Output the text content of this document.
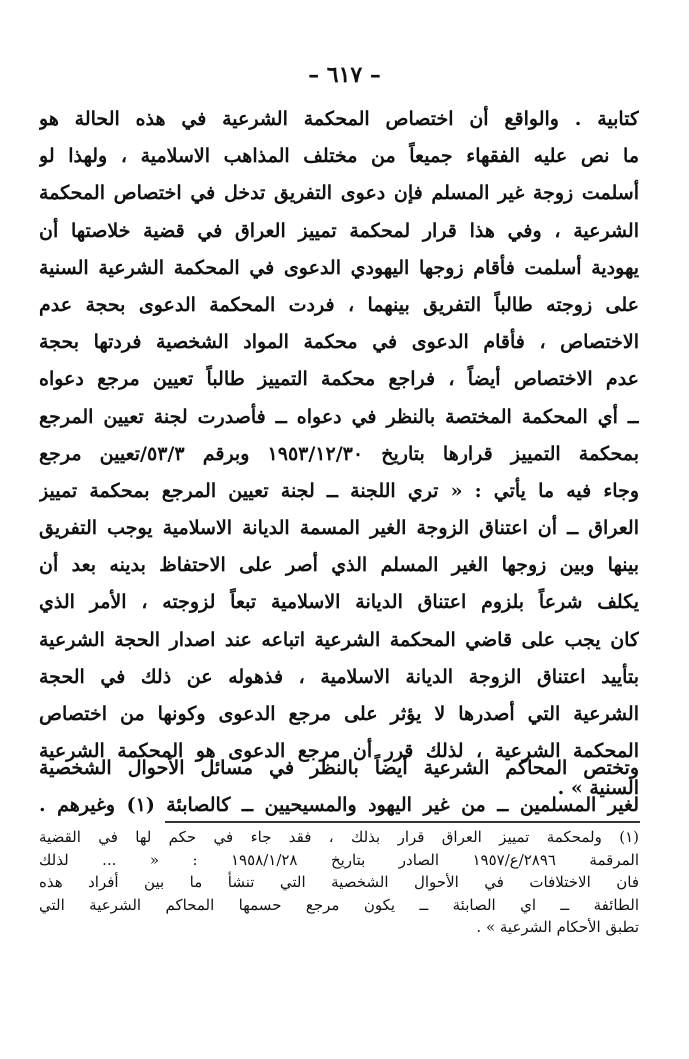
– ٦١٧ –
كتابية . والواقع أن اختصاص المحكمة الشرعية في هذه الحالة هو
ما نص عليه الفقهاء جميعاً من مختلف المذاهب الاسلامية ، ولهذا لو
أسلمت زوجة غير المسلم فإن دعوى التفريق تدخل في اختصاص المحكمة
الشرعية ، وفي هذا قرار لمحكمة تمييز العراق في قضية خلاصتها أن
يهودية أسلمت فأقام زوجها اليهودي الدعوى في المحكمة الشرعية السنية
على زوجته طالباً التفريق بينهما ، فردت المحكمة الدعوى بحجة عدم
الاختصاص ، فأقام الدعوى في محكمة المواد الشخصية فردتها بحجة
عدم الاختصاص أيضاً ، فراجع محكمة التمييز طالباً تعيين مرجع دعواه
ــ أي المحكمة المختصة بالنظر في دعواه ــ فأصدرت لجنة تعيين المرجع
بمحكمة التمييز قرارها بتاريخ ١٩٥٣/١٢/٣٠ وبرقم ٥٣/٣/تعيين مرجع
وجاء فيه ما يأتي : « تري اللجنة ــ لجنة تعيين المرجع بمحكمة تمييز
العراق ــ أن اعتناق الزوجة الغير المسمة الديانة الاسلامية يوجب التفريق
بينها وبين زوجها الغير المسلم الذي أصر على الاحتفاظ بدينه بعد أن
يكلف شرعاً بلزوم اعتناق الديانة الاسلامية تبعاً لزوجته ، الأمر الذي
كان يجب على قاضي المحكمة الشرعية اتباعه عند اصدار الحجة الشرعية
بتأييد اعتناق الزوجة الديانة الاسلامية ، فذهوله عن ذلك في الحجة
الشرعية التي أصدرها لا يؤثر على مرجع الدعوى وكونها من اختصاص
المحكمة الشرعية ، لذلك قرر أن مرجع الدعوى هو المحكمة الشرعية
السنية » .
وتختص المحاكم الشرعية أيضاً بالنظر في مسائل الأحوال الشخصية
لغير المسلمين ــ من غير اليهود والمسيحيين ــ كالصابئة (١) وغيرهم .
(١) ولمحكمة تمييز العراق قرار بذلك ، فقد جاء في حكم لها في القضية
المرقمة ٢٨٩٦/ع/١٩٥٧ الصادر بتاريخ ١٩٥٨/١/٢٨ : « ... لذلك
فان الاختلافات في الأحوال الشخصية التي تنشأ ما بين أفراد هذه
الطائفة ــ اي الصابئة ــ يكون مرجع حسمها المحاكم الشرعية التي
تطبق الأحكام الشرعية » .
